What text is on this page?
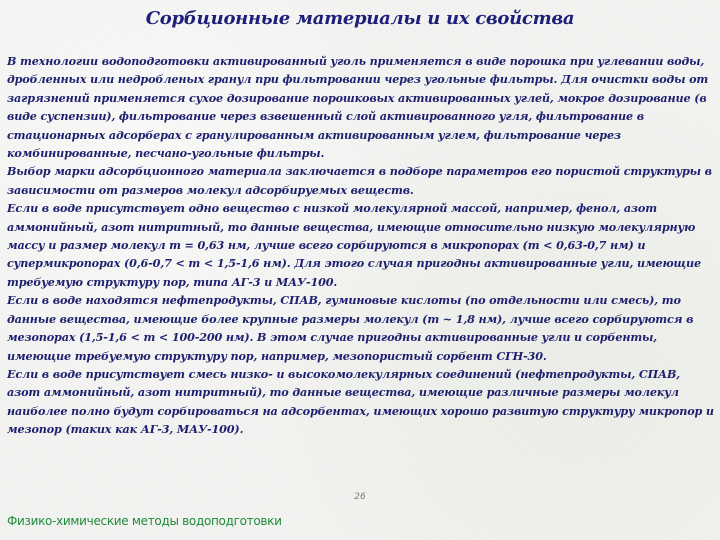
Сорбционные материалы и их свойства

В технологии водоподготовки активированный уголь применяется в виде порошка при углевании воды, дробленных или недробленых гранул при фильтровании через угольные фильтры. Для очистки воды от загрязнений применяется сухое дозирование порошковых активированных углей, мокрое дозирование (в виде суспензии), фильтрование через взвешенный слой активированного угля, фильтрование в стационарных адсорберах с гранулированным активированным углем, фильтрование через комбинированные, песчано-угольные фильтры.

Выбор марки адсорбционного материала заключается в подборе параметров его пористой структуры в зависимости от размеров молекул адсорбируемых веществ.

Если в воде присутствует одно вещество с низкой молекулярной массой, например, фенол, азот аммонийный, азот нитритный, то данные вещества, имеющие относительно низкую молекулярную массу и размер молекул m = 0,63 нм, лучше всего сорбируются в микропорах (m < 0,63-0,7 нм) и супермикропорах (0,6-0,7 < m < 1,5-1,6 нм). Для этого случая пригодны активированные угли, имеющие требуемую структуру пор, типа АГ-3 и МАУ-100.

Если в воде находятся нефтепродукты, СПАВ, гуминовые кислоты (по отдельности или смесь), то данные вещества, имеющие более крупные размеры молекул (m ~ 1,8 нм), лучше всего сорбируются в мезопорах (1,5-1,6 < m < 100-200 нм). В этом случае пригодны активированные угли и сорбенты, имеющие требуемую структуру пор, например, мезопористый сорбент СГН-30.

Если в воде присутствует смесь низко- и высокомолекулярных соединений (нефтепродукты, СПАВ, азот аммонийный, азот нитритный), то данные вещества, имеющие различные размеры молекул наиболее полно будут сорбироваться на адсорбентах, имеющих хорошо развитую структуру микропор и мезопор (таких как АГ-3, МАУ-100).

26
Физико-химические методы водоподготовки
